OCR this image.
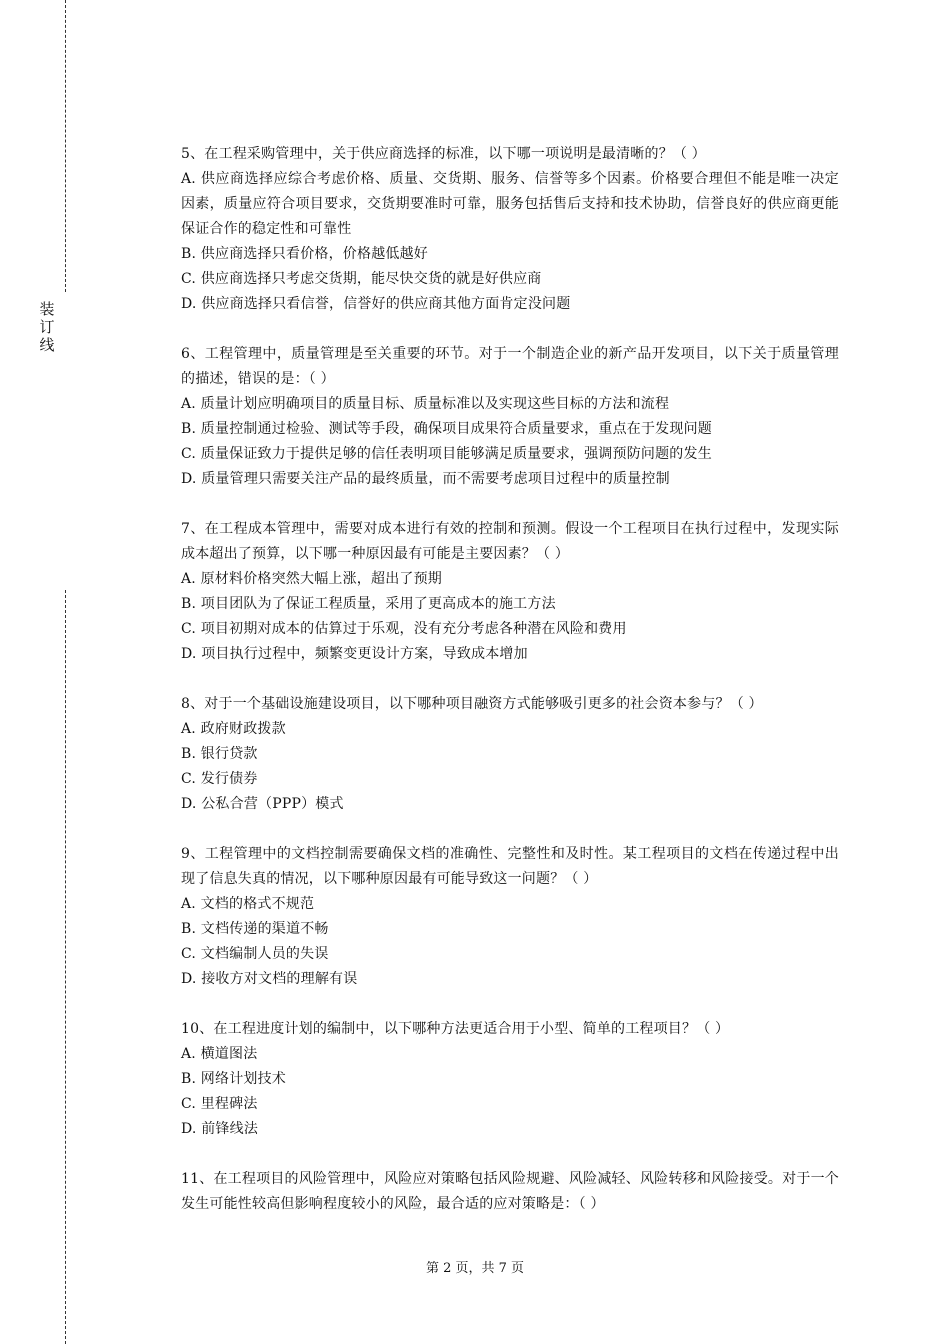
装
订
线
5、在工程采购管理中，关于供应商选择的标准，以下哪一项说明是最清晰的？（ ）
A. 供应商选择应综合考虑价格、质量、交货期、服务、信誉等多个因素。价格要合理但不能是唯一决定因素，质量应符合项目要求，交货期要准时可靠，服务包括售后支持和技术协助，信誉良好的供应商更能保证合作的稳定性和可靠性
B. 供应商选择只看价格，价格越低越好
C. 供应商选择只考虑交货期，能尽快交货的就是好供应商
D. 供应商选择只看信誉，信誉好的供应商其他方面肯定没问题
6、工程管理中，质量管理是至关重要的环节。对于一个制造企业的新产品开发项目，以下关于质量管理的描述，错误的是：（ ）
A. 质量计划应明确项目的质量目标、质量标准以及实现这些目标的方法和流程
B. 质量控制通过检验、测试等手段，确保项目成果符合质量要求，重点在于发现问题
C. 质量保证致力于提供足够的信任表明项目能够满足质量要求，强调预防问题的发生
D. 质量管理只需要关注产品的最终质量，而不需要考虑项目过程中的质量控制
7、在工程成本管理中，需要对成本进行有效的控制和预测。假设一个工程项目在执行过程中，发现实际成本超出了预算，以下哪一种原因最有可能是主要因素？（ ）
A. 原材料价格突然大幅上涨，超出了预期
B. 项目团队为了保证工程质量，采用了更高成本的施工方法
C. 项目初期对成本的估算过于乐观，没有充分考虑各种潜在风险和费用
D. 项目执行过程中，频繁变更设计方案，导致成本增加
8、对于一个基础设施建设项目，以下哪种项目融资方式能够吸引更多的社会资本参与？（ ）
A. 政府财政拨款
B. 银行贷款
C. 发行债券
D. 公私合营（PPP）模式
9、工程管理中的文档控制需要确保文档的准确性、完整性和及时性。某工程项目的文档在传递过程中出现了信息失真的情况，以下哪种原因最有可能导致这一问题？（ ）
A. 文档的格式不规范
B. 文档传递的渠道不畅
C. 文档编制人员的失误
D. 接收方对文档的理解有误
10、在工程进度计划的编制中，以下哪种方法更适合用于小型、简单的工程项目？（ ）
A. 横道图法
B. 网络计划技术
C. 里程碑法
D. 前锋线法
11、在工程项目的风险管理中，风险应对策略包括风险规避、风险减轻、风险转移和风险接受。对于一个发生可能性较高但影响程度较小的风险，最合适的应对策略是：（ ）
第 2 页，共 7 页
